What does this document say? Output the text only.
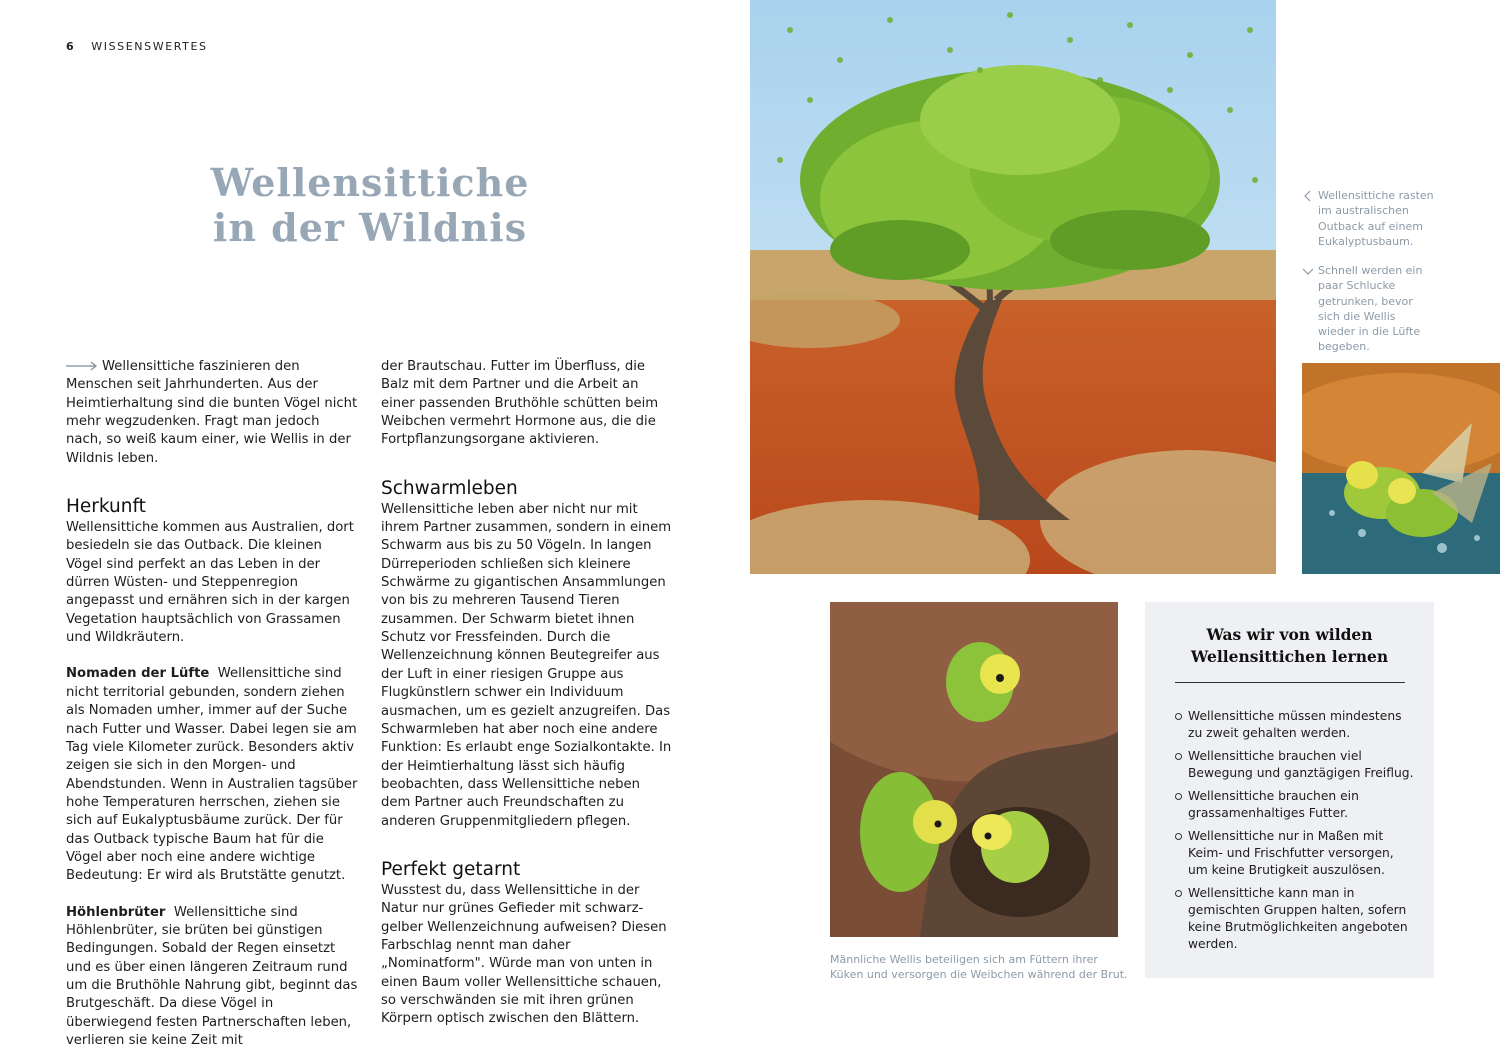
6 WISSENSWERTES
Wellensittiche
in der Wildnis

Wellensittiche faszinieren den Menschen seit Jahrhunderten. Aus der Heimtierhaltung sind die bunten Vögel nicht mehr wegzudenken. Fragt man jedoch nach, so weiß kaum einer, wie Wellis in der Wildnis leben.

Herkunft

Wellensittiche kommen aus Australien, dort besiedeln sie das Outback. Die kleinen Vögel sind perfekt an das Leben in der dürren Wüsten- und Steppenregion angepasst und ernähren sich in der kargen Vegetation hauptsächlich von Grassamen und Wildkräutern.

Nomaden der Lüfte Wellensittiche sind nicht territorial gebunden, sondern ziehen als Nomaden umher, immer auf der Suche nach Futter und Wasser. Dabei legen sie am Tag viele Kilometer zurück. Besonders aktiv zeigen sie sich in den Morgen- und Abendstunden. Wenn in Australien tagsüber hohe Temperaturen herrschen, ziehen sie sich auf Eukalyptusbäume zurück. Der für das Outback typische Baum hat für die Vögel aber noch eine andere wichtige Bedeutung: Er wird als Brutstätte genutzt.

Höhlenbrüter Wellensittiche sind Höhlenbrüter, sie brüten bei günstigen Bedingungen. Sobald der Regen einsetzt und es über einen längeren Zeitraum rund um die Bruthöhle Nahrung gibt, beginnt das Brutgeschäft. Da diese Vögel in überwiegend festen Partnerschaften leben, verlieren sie keine Zeit mit

der Brautschau. Futter im Überfluss, die Balz mit dem Partner und die Arbeit an einer passenden Bruthöhle schütten beim Weibchen vermehrt Hormone aus, die die Fortpflanzungsorgane aktivieren.

Schwarmleben

Wellensittiche leben aber nicht nur mit ihrem Partner zusammen, sondern in einem Schwarm aus bis zu 50 Vögeln. In langen Dürreperioden schließen sich kleinere Schwärme zu gigantischen Ansammlungen von bis zu mehreren Tausend Tieren zusammen. Der Schwarm bietet ihnen Schutz vor Fressfeinden. Durch die Wellenzeichnung können Beutegreifer aus der Luft in einer riesigen Gruppe aus Flugkünstlern schwer ein Individuum ausmachen, um es gezielt anzugreifen. Das Schwarmleben hat aber noch eine andere Funktion: Es erlaubt enge Sozialkontakte. In der Heimtierhaltung lässt sich häufig beobachten, dass Wellensittiche neben dem Partner auch Freundschaften zu anderen Gruppenmitgliedern pflegen.

Perfekt getarnt

Wusstest du, dass Wellensittiche in der Natur nur grünes Gefieder mit schwarz-gelber Wellenzeichnung aufweisen? Diesen Farbschlag nennt man daher „Nominatform". Würde man von unten in einen Baum voller Wellensittiche schauen, so verschwänden sie mit ihren grünen Körpern optisch zwischen den Blättern.

Wellensittiche rasten im australischen Outback auf einem Eukalyptusbaum.
Schnell werden ein paar Schlucke getrunken, bevor sich die Wellis wieder in die Lüfte begeben.
Männliche Wellis beteiligen sich am Füttern ihrer Küken und versorgen die Weibchen während der Brut.
Was wir von wilden
Wellensittichen lernen
Wellensittiche müssen mindestens zu zweit gehalten werden.
Wellensittiche brauchen viel Bewegung und ganztägigen Freiflug.
Wellensittiche brauchen ein grassamenhaltiges Futter.
Wellensittiche nur in Maßen mit Keim- und Frischfutter versorgen, um keine Brutigkeit auszulösen.
Wellensittiche kann man in gemischten Gruppen halten, sofern keine Brutmöglichkeiten angeboten werden.
